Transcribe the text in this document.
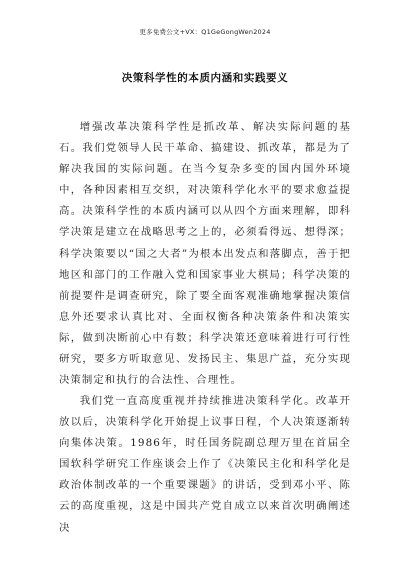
更多免费公文+VX：Q1GeGongWen2024
决策科学性的本质内涵和实践要义

增强改革决策科学性是抓改革、解决实际问题的基石。我们党领导人民干革命、搞建设、抓改革，都是为了解决我国的实际问题。在当今复杂多变的国内国外环境中，各种因素相互交织，对决策科学化水平的要求愈益提高。决策科学性的本质内涵可以从四个方面来理解，即科学决策是建立在战略思考之上的，必须看得远、想得深；科学决策要以“国之大者”为根本出发点和落脚点，善于把地区和部门的工作融入党和国家事业大棋局；科学决策的前提要件是调查研究，除了要全面客观准确地掌握决策信息外还要求认真比对、全面权衡各种决策条件和决策实际，做到决断前心中有数；科学决策还意味着进行可行性研究，要多方听取意见、发扬民主、集思广益，充分实现决策制定和执行的合法性、合理性。

我们党一直高度重视并持续推进决策科学化。改革开放以后，决策科学化开始提上议事日程，个人决策逐渐转向集体决策。1986年，时任国务院副总理万里在首届全国软科学研究工作座谈会上作了《决策民主化和科学化是政治体制改革的一个重要课题》的讲话，受到邓小平、陈云的高度重视，这是中国共产党自成立以来首次明确阐述决
